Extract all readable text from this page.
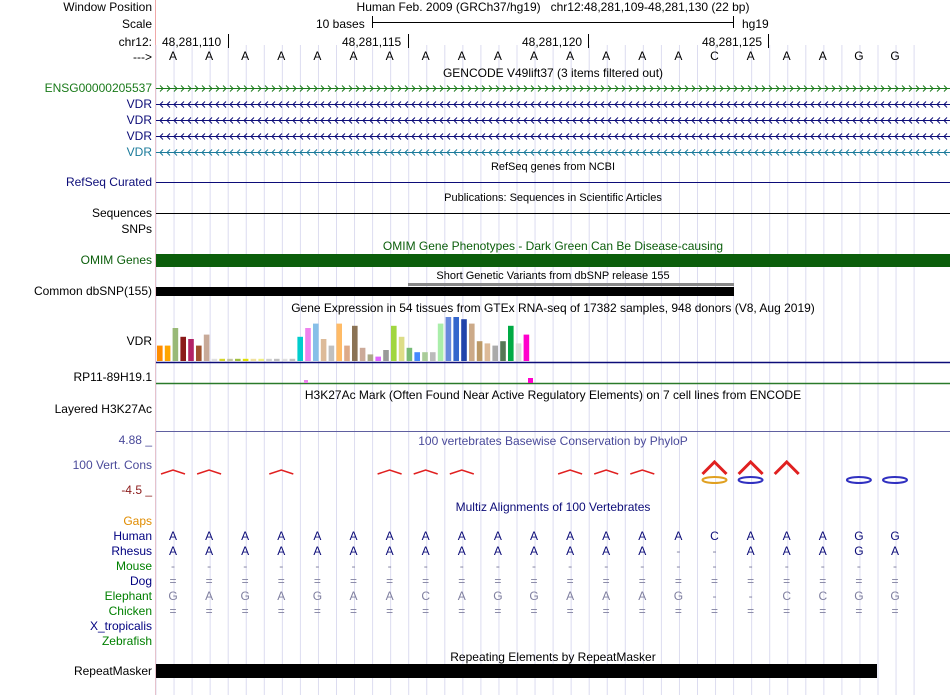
Window Position
Scale
chr12:
--->
Human Feb. 2009 (GRCh37/hg19)   chr12:48,281,109-48,281,130 (22 bp)
10 bases	hg19
48,281,110	48,281,115	48,281,120	48,281,125
A	A	A	A	A	A	A	A	A	A	A	A	A	A	A	C	A	A	A	G	G
GENCODE V49lift37 (3 items filtered out)
ENSG00000205537
VDR
VDR
VDR
VDR
RefSeq genes from NCBI
RefSeq Curated
Publications: Sequences in Scientific Articles
Sequences
SNPs
OMIM Gene Phenotypes - Dark Green Can Be Disease-causing
OMIM Genes
Short Genetic Variants from dbSNP release 155
Common dbSNP(155)
Gene Expression in 54 tissues from GTEx RNA-seq of 17382 samples, 948 donors (V8, Aug 2019)
VDR
RP11-89H19.1
H3K27Ac Mark (Often Found Near Active Regulatory Elements) on 7 cell lines from ENCODE
Layered H3K27Ac
100 vertebrates Basewise Conservation by PhyloP
4.88 _
100 Vert. Cons
-4.5 _
Multiz Alignments of 100 Vertebrates
Gaps
Human	A	A	A	A	A	A	A	A	A	A	A	A	A	A	A	C	A	A	A	G	G
Rhesus	A	A	A	A	A	A	A	A	A	A	A	A	A	A	-	-	A	A	A	G	A
Mouse	-	-	-	-	-	-	-	-	-	-	-	-	-	-	-	-	-	-	-	-	-
Dog	=	=	=	=	=	=	=	=	=	=	=	=	=	=	=	=	=	=	=	=	=
Elephant	G	A	G	A	G	A	A	C	A	G	G	A	A	A	G	-	-	C	C	G	G
Chicken	=	=	=	=	=	=	=	=	=	=	=	=	=	=	=	=	=	=	=	=	=
X_tropicalis
Zebrafish
Repeating Elements by RepeatMasker
RepeatMasker
